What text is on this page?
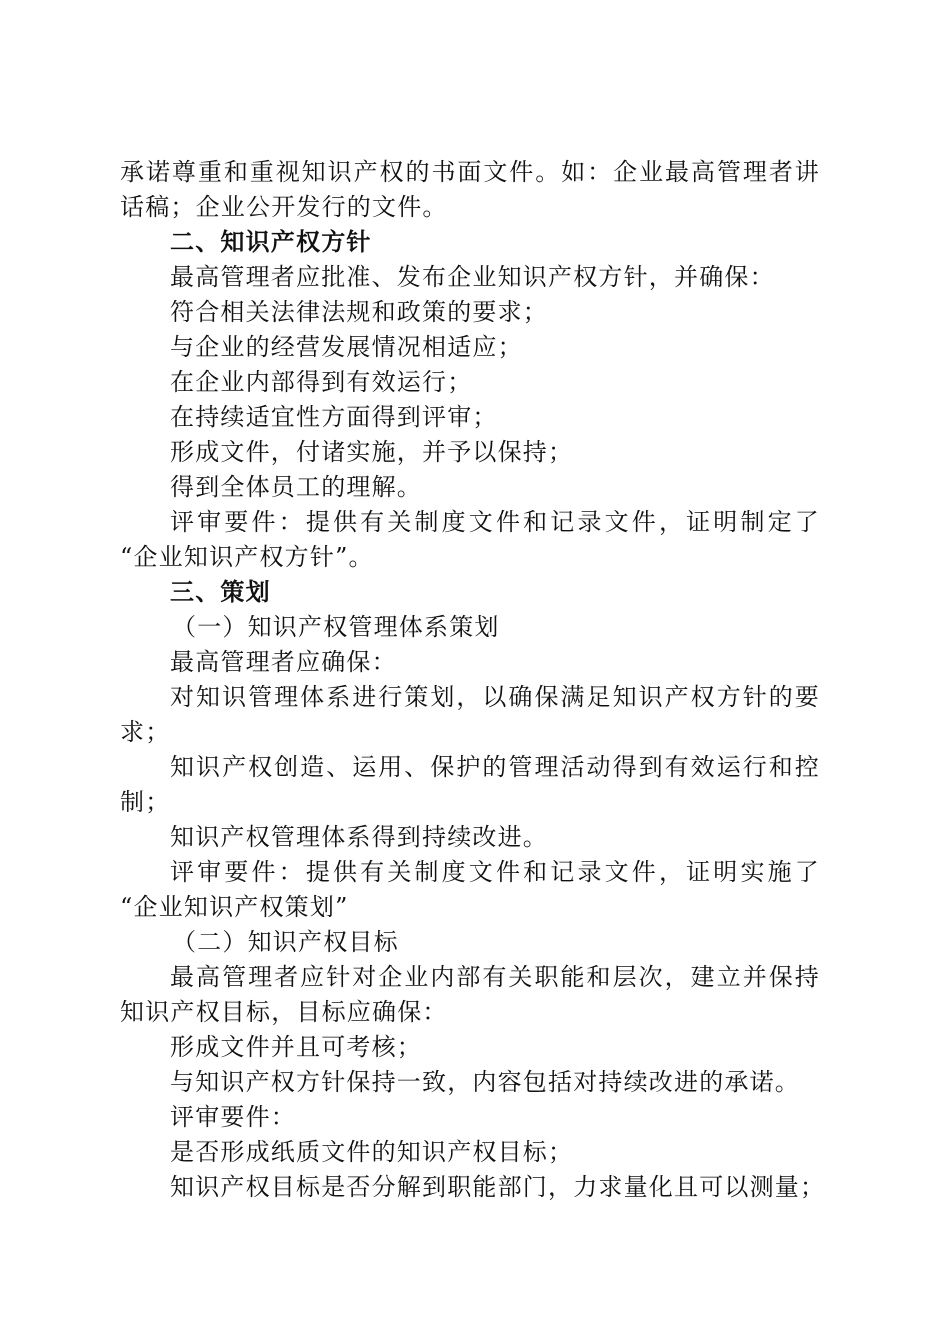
承诺尊重和重视知识产权的书面文件。如：企业最高管理者讲
话稿；企业公开发行的文件。
二、知识产权方针
最高管理者应批准、发布企业知识产权方针，并确保：
符合相关法律法规和政策的要求；
与企业的经营发展情况相适应；
在企业内部得到有效运行；
在持续适宜性方面得到评审；
形成文件，付诸实施，并予以保持；
得到全体员工的理解。
评审要件：提供有关制度文件和记录文件，证明制定了
“企业知识产权方针”。
三、策划
（一）知识产权管理体系策划
最高管理者应确保：
对知识管理体系进行策划，以确保满足知识产权方针的要
求；
知识产权创造、运用、保护的管理活动得到有效运行和控
制；
知识产权管理体系得到持续改进。
评审要件：提供有关制度文件和记录文件，证明实施了
“企业知识产权策划”
（二）知识产权目标
最高管理者应针对企业内部有关职能和层次，建立并保持
知识产权目标，目标应确保：
形成文件并且可考核；
与知识产权方针保持一致，内容包括对持续改进的承诺。
评审要件：
是否形成纸质文件的知识产权目标；
知识产权目标是否分解到职能部门，力求量化且可以测量；
